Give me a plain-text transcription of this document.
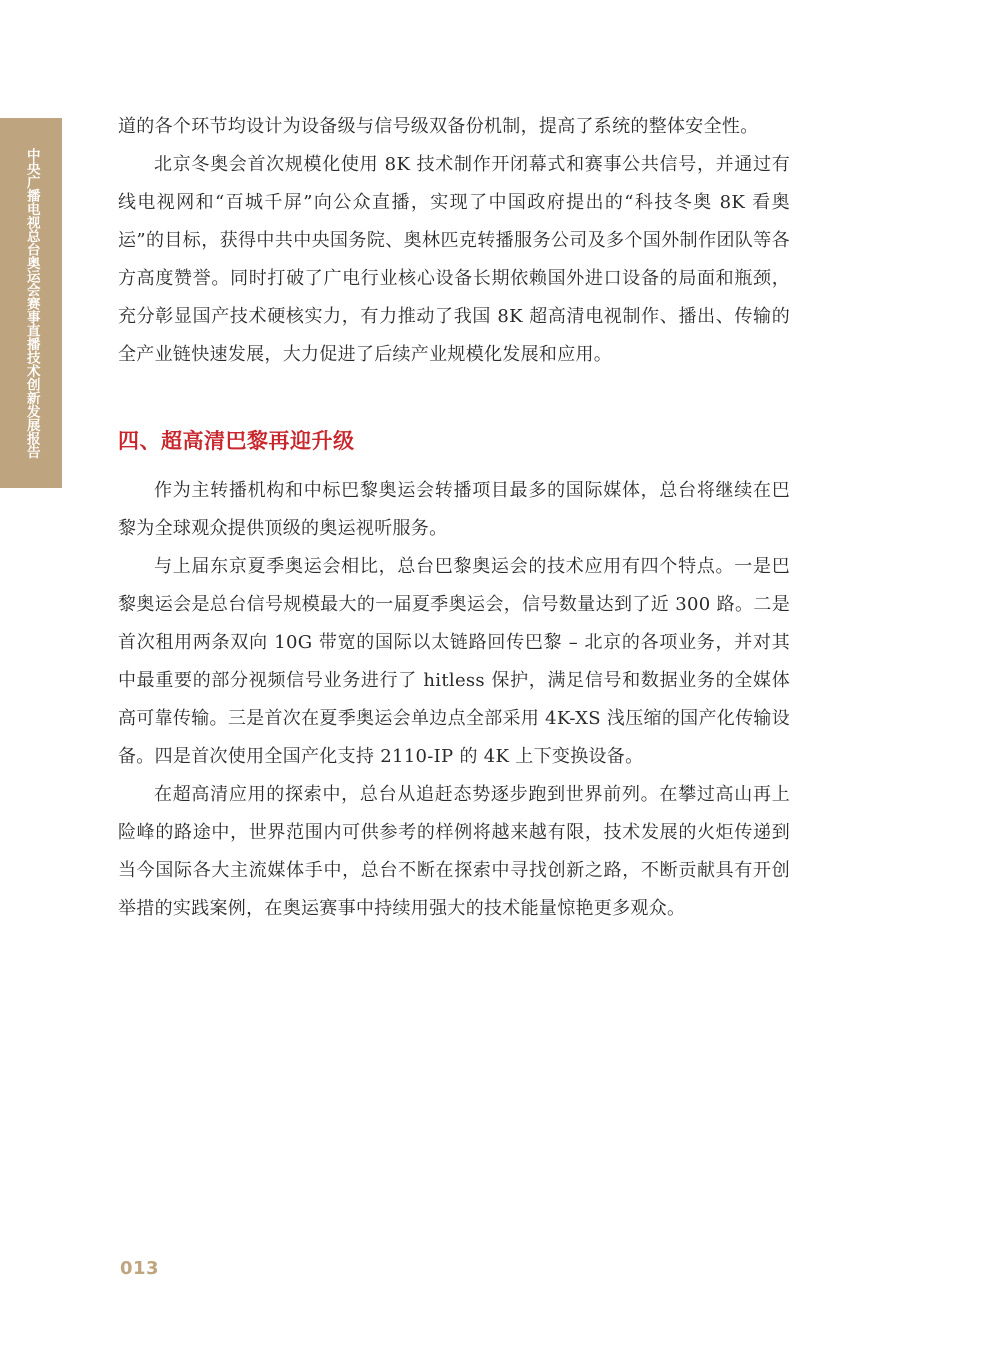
中央广播电视总台奥运会赛事直播技术创新发展报告

道的各个环节均设计为设备级与信号级双备份机制，提高了系统的整体安全性。

北京冬奥会首次规模化使用 8K 技术制作开闭幕式和赛事公共信号，并通过有线电视网和“百城千屏”向公众直播，实现了中国政府提出的“科技冬奥 8K 看奥运”的目标，获得中共中央国务院、奥林匹克转播服务公司及多个国外制作团队等各方高度赞誉。同时打破了广电行业核心设备长期依赖国外进口设备的局面和瓶颈，充分彰显国产技术硬核实力，有力推动了我国 8K 超高清电视制作、播出、传输的全产业链快速发展，大力促进了后续产业规模化发展和应用。

四、超高清巴黎再迎升级

作为主转播机构和中标巴黎奥运会转播项目最多的国际媒体，总台将继续在巴黎为全球观众提供顶级的奥运视听服务。

与上届东京夏季奥运会相比，总台巴黎奥运会的技术应用有四个特点。一是巴黎奥运会是总台信号规模最大的一届夏季奥运会，信号数量达到了近 300 路。二是首次租用两条双向 10G 带宽的国际以太链路回传巴黎 – 北京的各项业务，并对其中最重要的部分视频信号业务进行了 hitless 保护，满足信号和数据业务的全媒体高可靠传输。三是首次在夏季奥运会单边点全部采用 4K-XS 浅压缩的国产化传输设备。四是首次使用全国产化支持 2110-IP 的 4K 上下变换设备。

在超高清应用的探索中，总台从追赶态势逐步跑到世界前列。在攀过高山再上险峰的路途中，世界范围内可供参考的样例将越来越有限，技术发展的火炬传递到当今国际各大主流媒体手中，总台不断在探索中寻找创新之路，不断贡献具有开创举措的实践案例，在奥运赛事中持续用强大的技术能量惊艳更多观众。

013
